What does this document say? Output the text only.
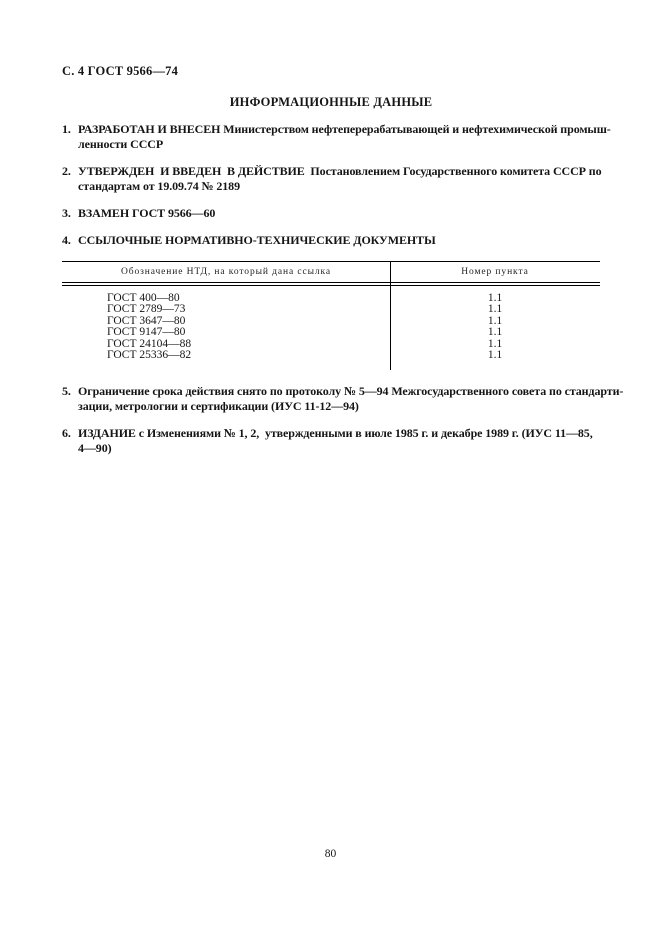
С. 4 ГОСТ 9566—74
ИНФОРМАЦИОННЫЕ ДАННЫЕ
1. РАЗРАБОТАН И ВНЕСЕН Министерством нефтеперерабатывающей и нефтехимической промыш-
ленности СССР
2. УТВЕРЖДЕН  И ВВЕДЕН  В ДЕЙСТВИЕ  Постановлением Государственного комитета СССР по
стандартам от 19.09.74 № 2189
3. ВЗАМЕН ГОСТ 9566—60
4. ССЫЛОЧНЫЕ НОРМАТИВНО-ТЕХНИЧЕСКИЕ ДОКУМЕНТЫ
Обозначение НТД, на который дана ссылка	Номер пункта
ГОСТ 400—80	1.1
ГОСТ 2789—73	1.1
ГОСТ 3647—80	1.1
ГОСТ 9147—80	1.1
ГОСТ 24104—88	1.1
ГОСТ 25336—82	1.1
5. Ограничение срока действия снято по протоколу № 5—94 Межгосударственного совета по стандарти-
зации, метрологии и сертификации (ИУС 11-12—94)
6. ИЗДАНИЕ с Изменениями № 1, 2,  утвержденными в июле 1985 г. и декабре 1989 г. (ИУС 11—85,
4—90)
80
